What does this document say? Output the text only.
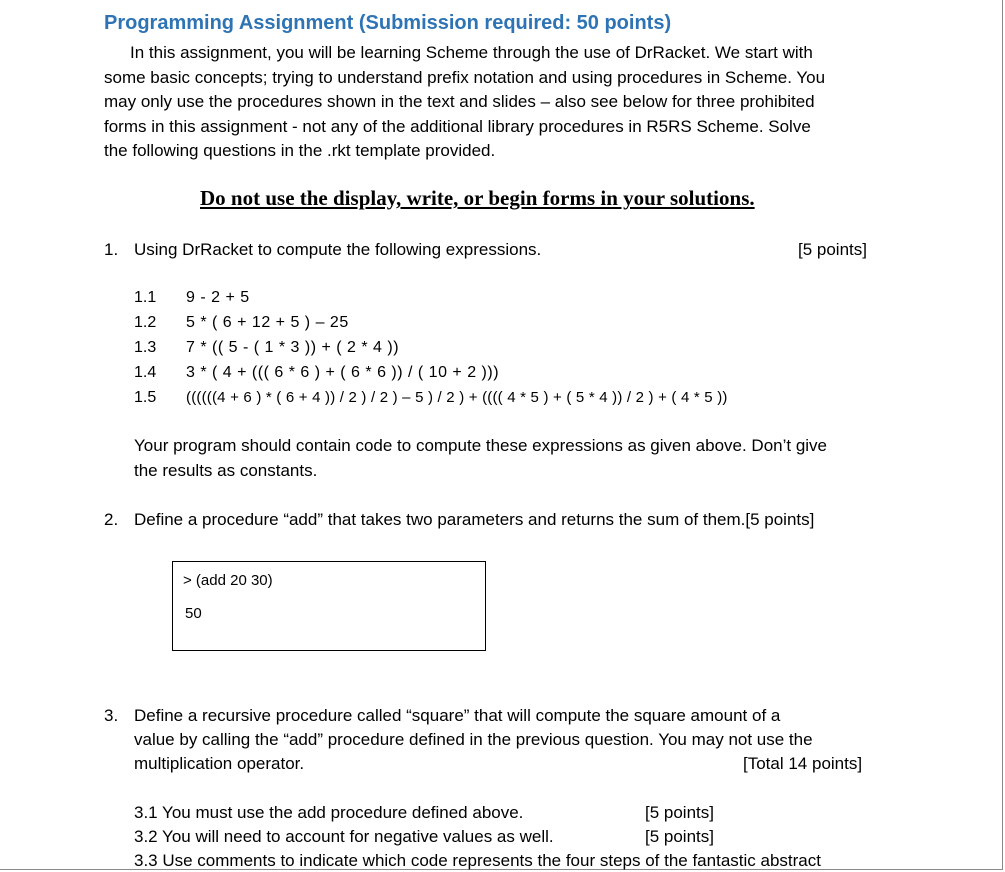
Programming Assignment (Submission required: 50 points)
In this assignment, you will be learning Scheme through the use of DrRacket. We start with
some basic concepts; trying to understand prefix notation and using procedures in Scheme. You
may only use the procedures shown in the text and slides – also see below for three prohibited
forms in this assignment - not any of the additional library procedures in R5RS Scheme. Solve
the following questions in the .rkt template provided.
Do not use the display, write, or begin forms in your solutions.
1. Using DrRacket to compute the following expressions.	[5 points]
1.1 9 - 2 + 5
1.2 5 * ( 6 + 12 + 5 ) – 25
1.3 7 * (( 5 - ( 1 * 3 )) + ( 2 * 4 ))
1.4 3 * ( 4 + ((( 6 * 6 ) + ( 6 * 6 )) / ( 10 + 2 )))
1.5 ((((((4 + 6 ) * ( 6 + 4 )) / 2 ) / 2 ) – 5 ) / 2 ) + (((( 4 * 5 ) + ( 5 * 4 )) / 2 ) + ( 4 * 5 ))
Your program should contain code to compute these expressions as given above. Don’t give
the results as constants.
2. Define a procedure “add” that takes two parameters and returns the sum of them.[5 points]
> (add 20 30)
50
3. Define a recursive procedure called “square” that will compute the square amount of a
value by calling the “add” procedure defined in the previous question. You may not use the
multiplication operator.	[Total 14 points]
3.1 You must use the add procedure defined above.	[5 points]
3.2 You will need to account for negative values as well.	[5 points]
3.3 Use comments to indicate which code represents the four steps of the fantastic abstract
